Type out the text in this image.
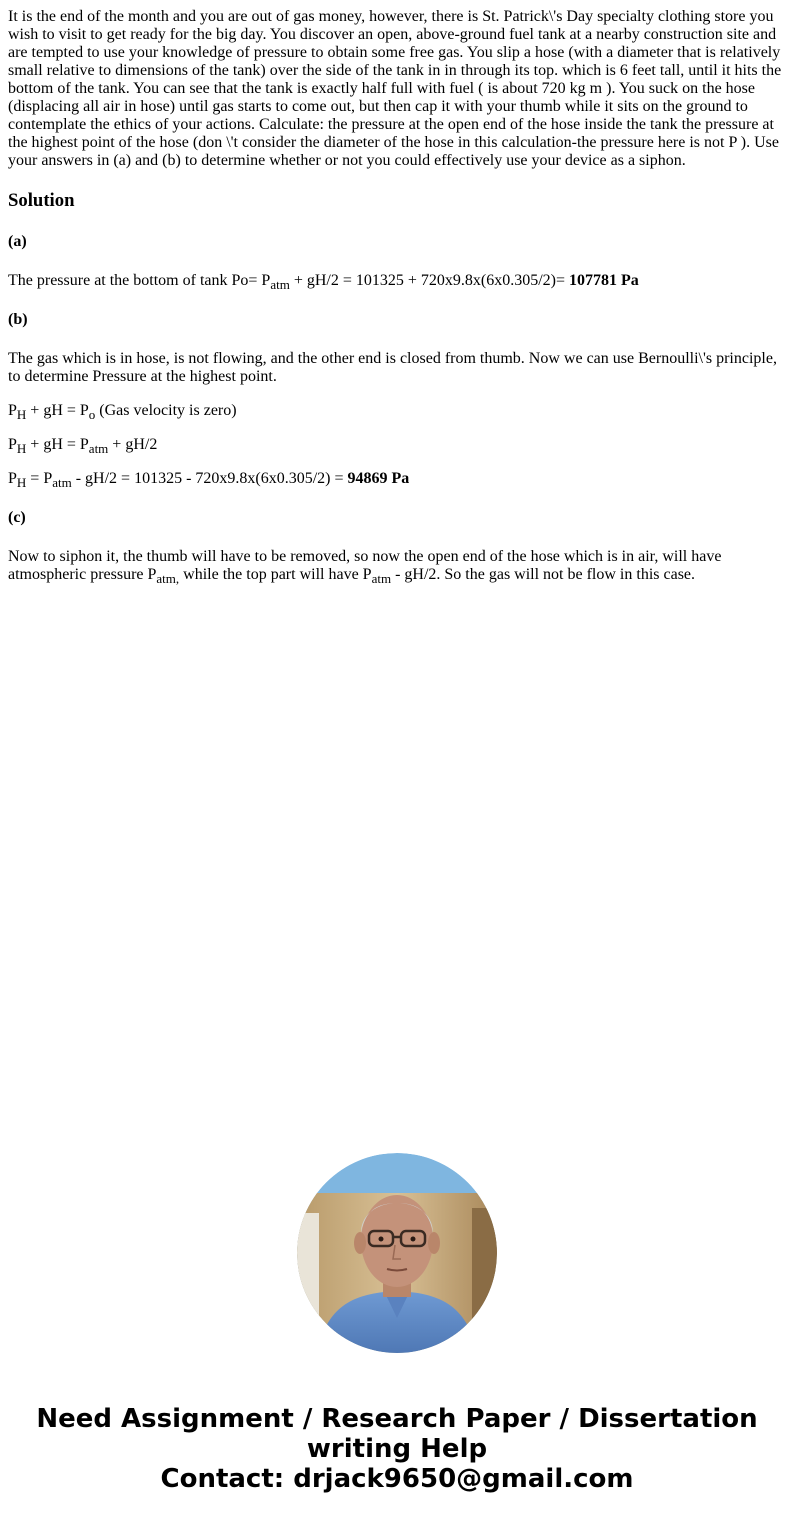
It is the end of the month and you are out of gas money, however, there is St. Patrick\'s Day specialty clothing store you wish to visit to get ready for the big day. You discover an open, above-ground fuel tank at a nearby construction site and are tempted to use your knowledge of pressure to obtain some free gas. You slip a hose (with a diameter that is relatively small relative to dimensions of the tank) over the side of the tank in in through its top. which is 6 feet tall, until it hits the bottom of the tank. You can see that the tank is exactly half full with fuel ( is about 720 kg m ). You suck on the hose (displacing all air in hose) until gas starts to come out, but then cap it with your thumb while it sits on the ground to contemplate the ethics of your actions. Calculate: the pressure at the open end of the hose inside the tank the pressure at the highest point of the hose (don \'t consider the diameter of the hose in this calculation-the pressure here is not P ). Use your answers in (a) and (b) to determine whether or not you could effectively use your device as a siphon.

Solution
(a)

The pressure at the bottom of tank $Po= P_{atm} + gH/2 = 101325 + 720x9.8x(6x0.305/2)= 107781$ Pa

(b)

The gas which is in hose, is not flowing, and the other end is closed from thumb. Now we can use Bernoulli\'s principle, to determine Pressure at the highest point.

$P_H$ + gH = $P_o$ (Gas velocity is zero)

$P_H$ + gH = $P_{atm} + gH/2$

$P_H = P_{atm} - gH/2 = 101325 - 720x9.8x(6x0.305/2) = 94869$ Pa

(c)

Now to siphon it, the thumb will have to be removed, so now the open end of the hose which is in air, will have atmospheric pressure $P_{atm,}$ while the top part will have $P_{atm} - gH/2$. So the gas will not be flow in this case.

Need Assignment / Research Paper / Dissertation
writing Help
Contact: drjack9650@gmail.com
